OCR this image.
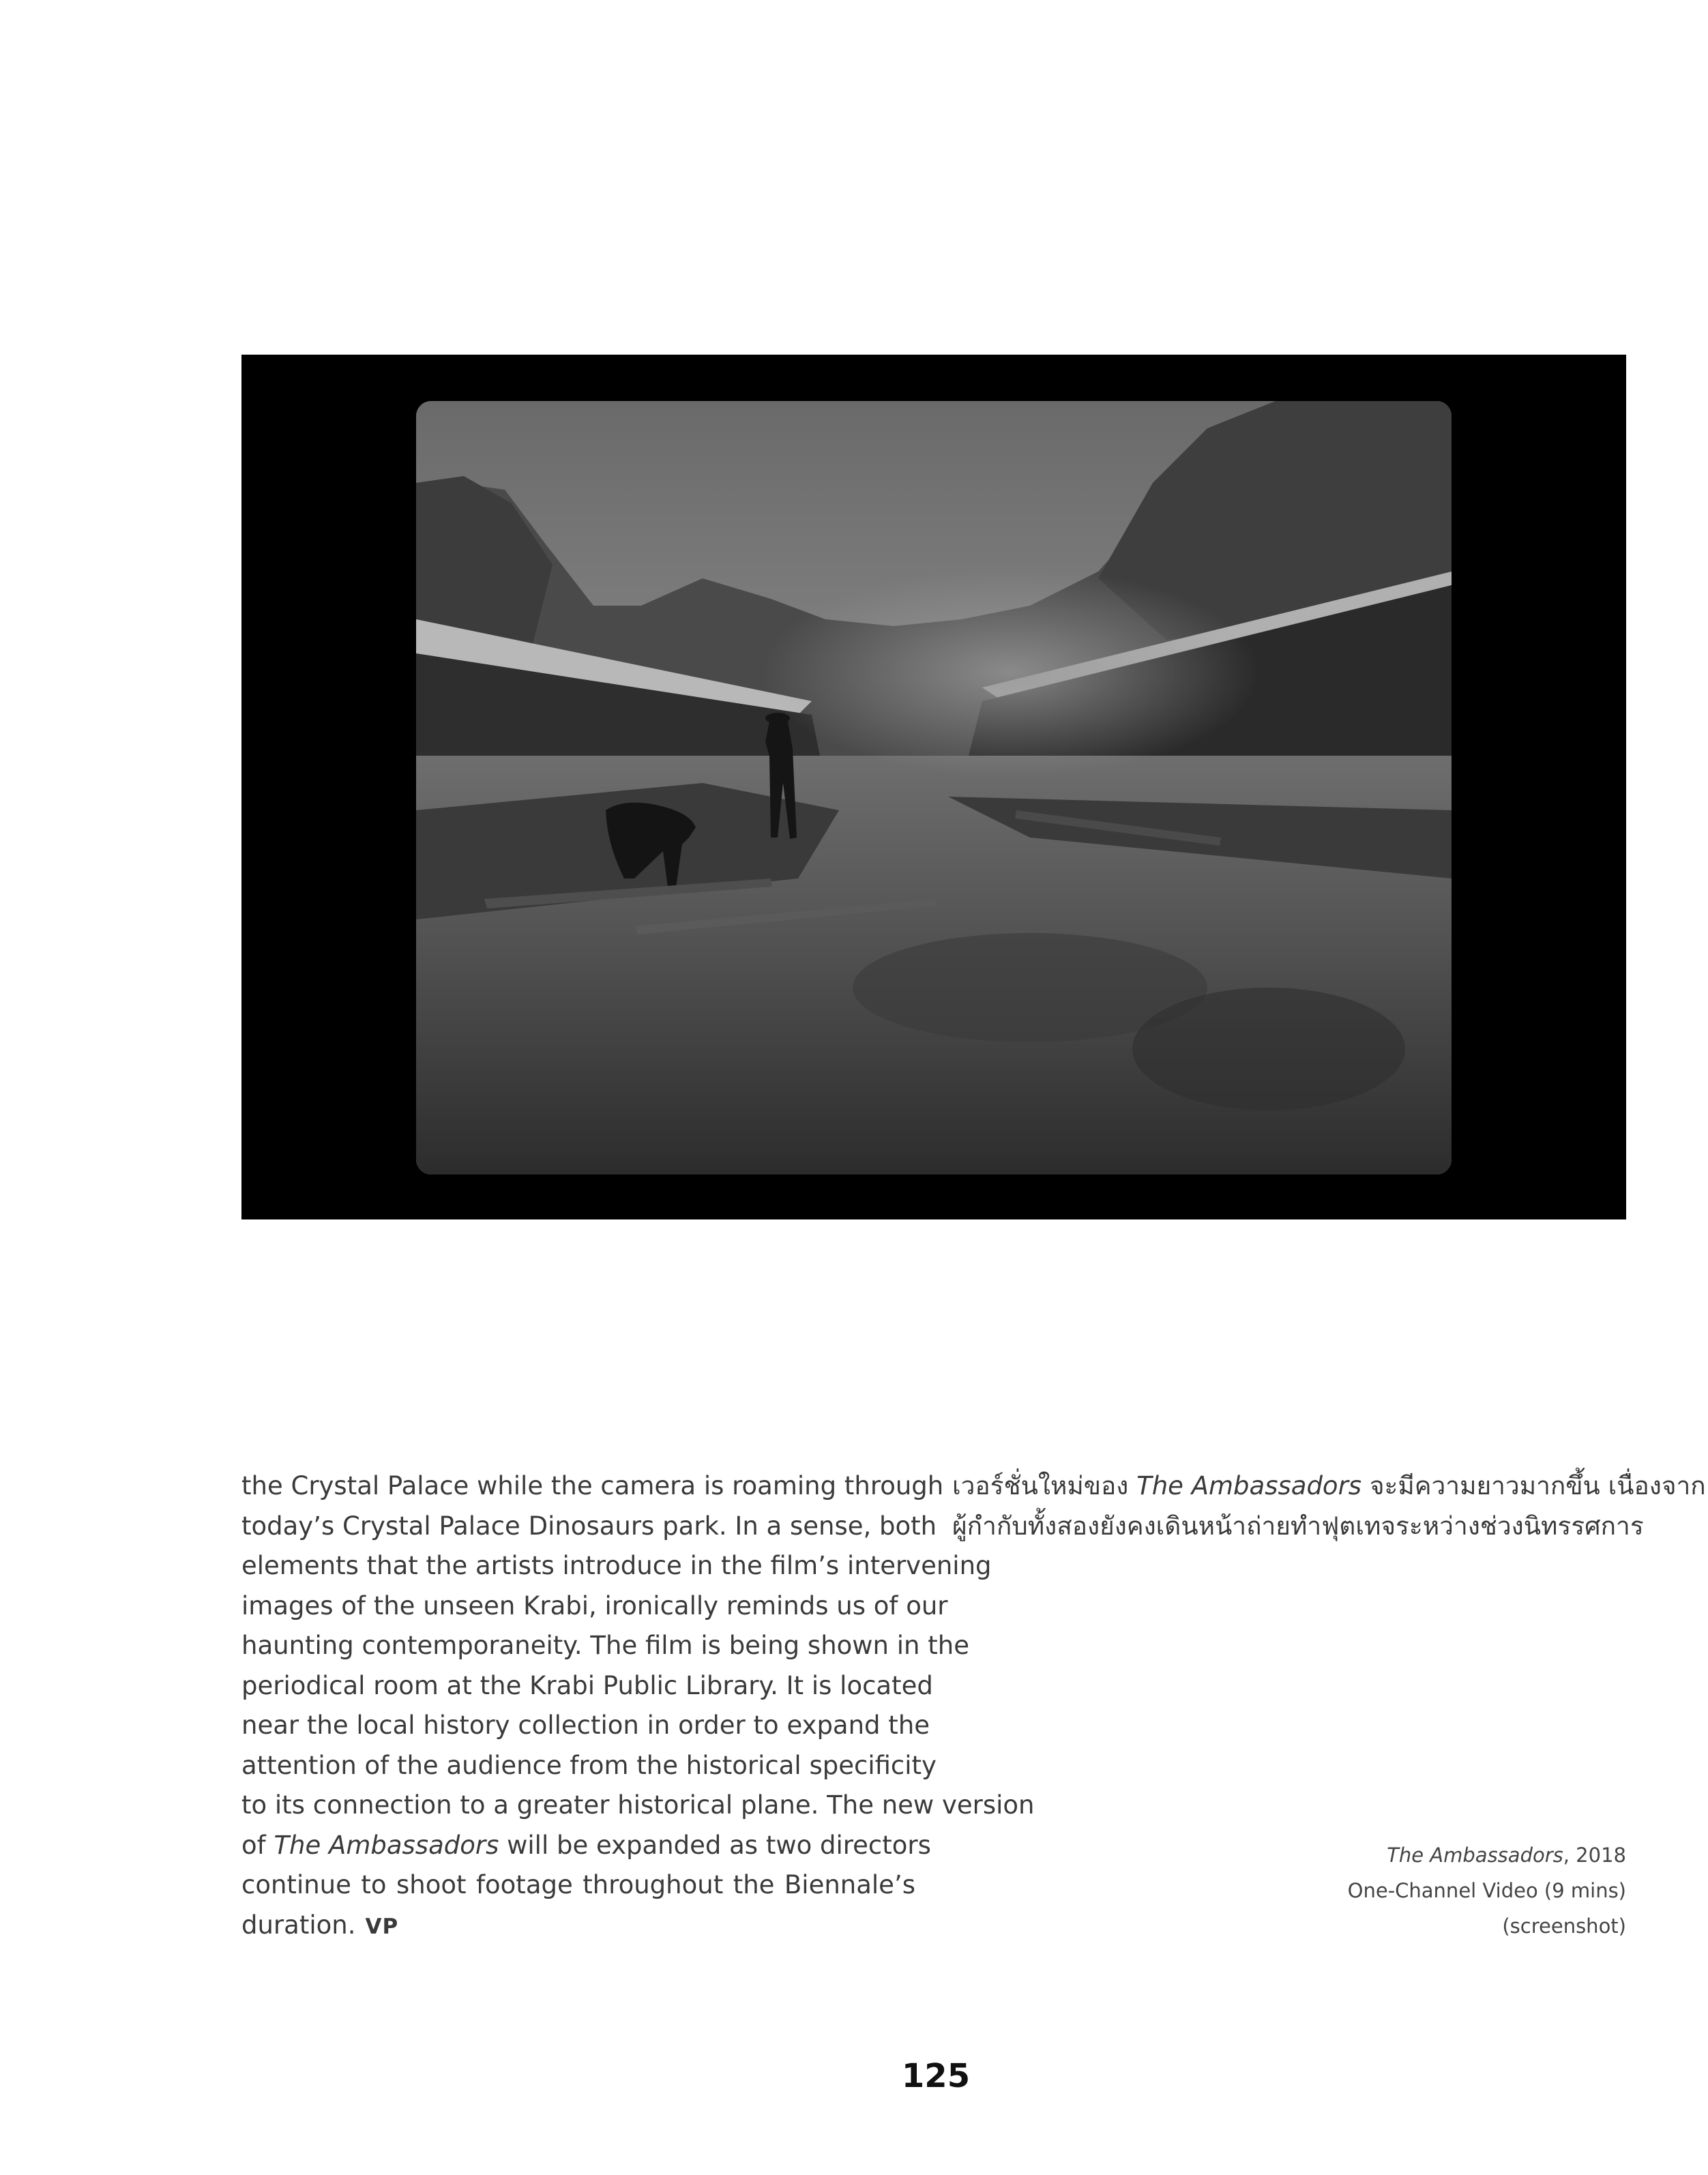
the Crystal Palace while the camera is roaming through
today’s Crystal Palace Dinosaurs park. In a sense, both
elements that the artists introduce in the film’s intervening
images of the unseen Krabi, ironically reminds us of our
haunting contemporaneity. The film is being shown in the
periodical room at the Krabi Public Library. It is located
near the local history collection in order to expand the
attention of the audience from the historical specificity
to its connection to a greater historical plane. The new version
of The Ambassadors will be expanded as two directors
continue to shoot footage throughout the Biennale’s
duration. VP
เวอร์ชั่นใหม่ของ The Ambassadors จะมีความยาวมากขึ้น เนื่องจาก
ผู้กำกับทั้งสองยังคงเดินหน้าถ่ายทำฟุตเทจระหว่างช่วงนิทรรศการ
The Ambassadors, 2018
One-Channel Video (9 mins)
(screenshot)
125
